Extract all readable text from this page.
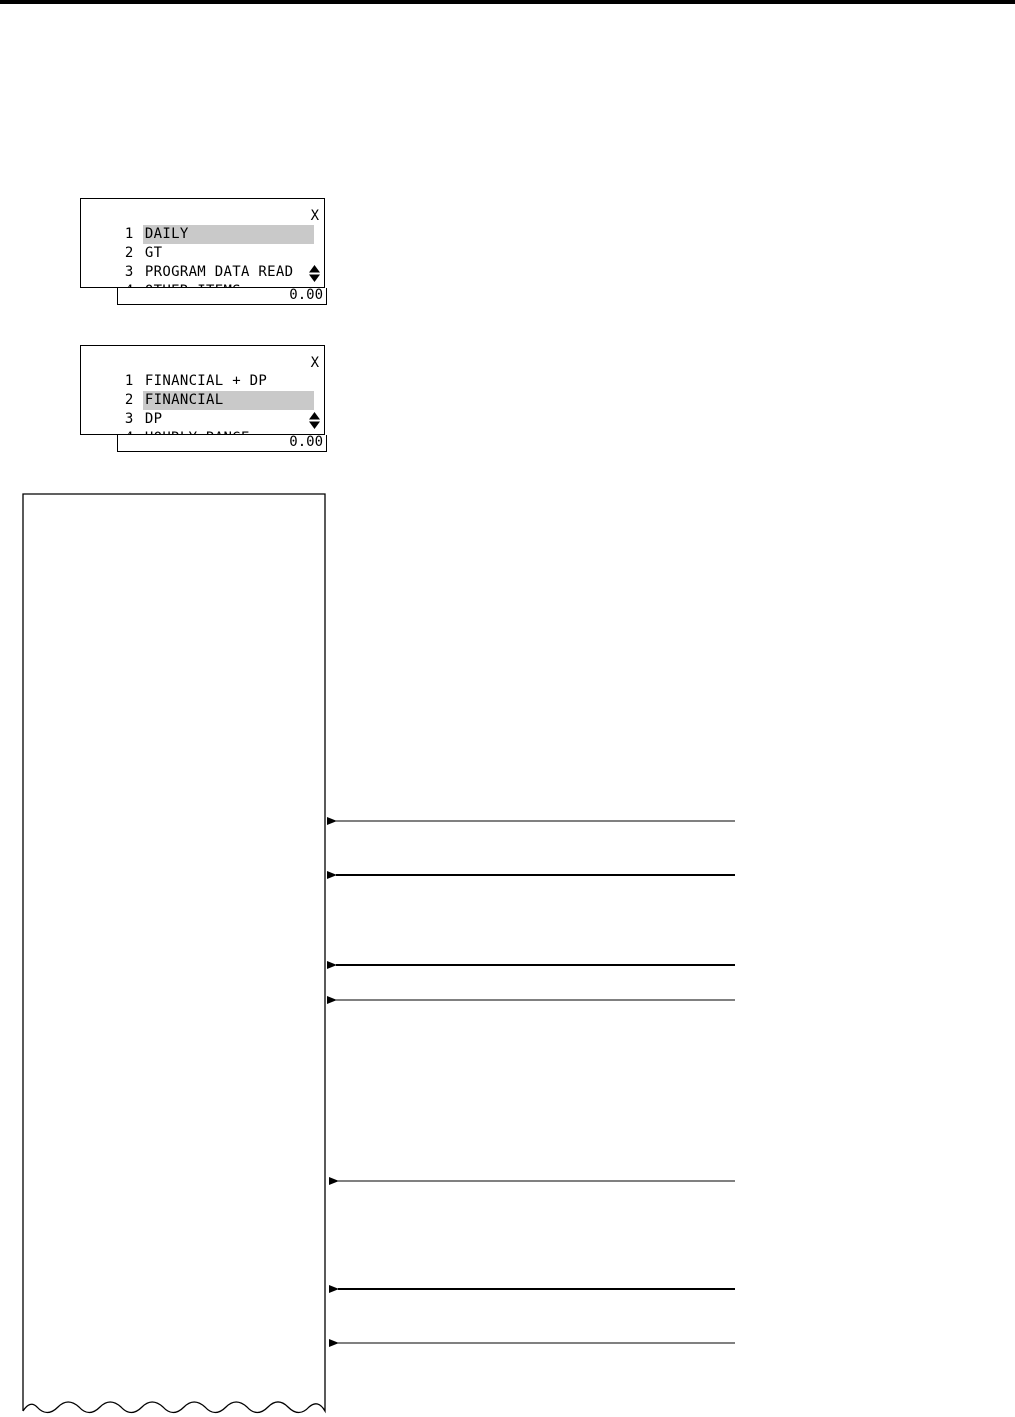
1 DAILY

2 GT

3 PROGRAM DATA READ

X
0.00

1 FINANCIAL + DP

2 FINANCIAL

3 DP

X
0.00
